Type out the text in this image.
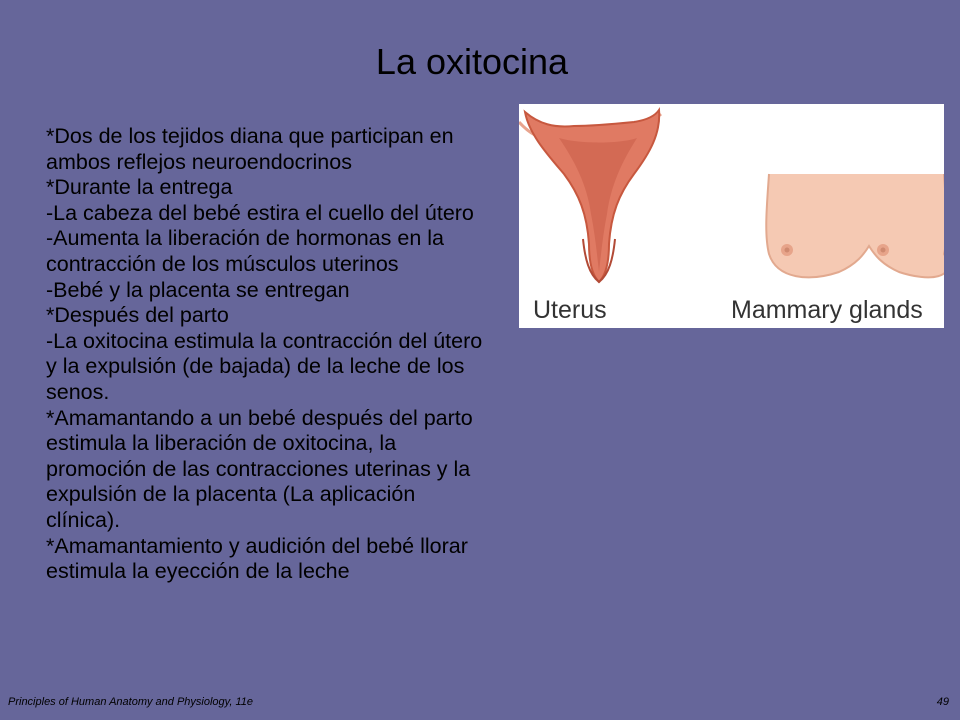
La oxitocina
*Dos de los tejidos diana que participan en
ambos reflejos neuroendocrinos
*Durante la entrega
-La cabeza del bebé estira el cuello del útero
-Aumenta la liberación de hormonas en la
contracción de los músculos uterinos
-Bebé y la placenta se entregan
*Después del parto
-La oxitocina estimula la contracción del útero
y la expulsión (de bajada) de la leche de los
senos.
*Amamantando a un bebé después del parto
estimula la liberación de oxitocina, la
promoción de las contracciones uterinas y la
expulsión de la placenta (La aplicación
clínica).
*Amamantamiento y audición del bebé llorar
estimula la eyección de la leche
Uterus	Mammary glands
Principles of Human Anatomy and Physiology, 11e	49
